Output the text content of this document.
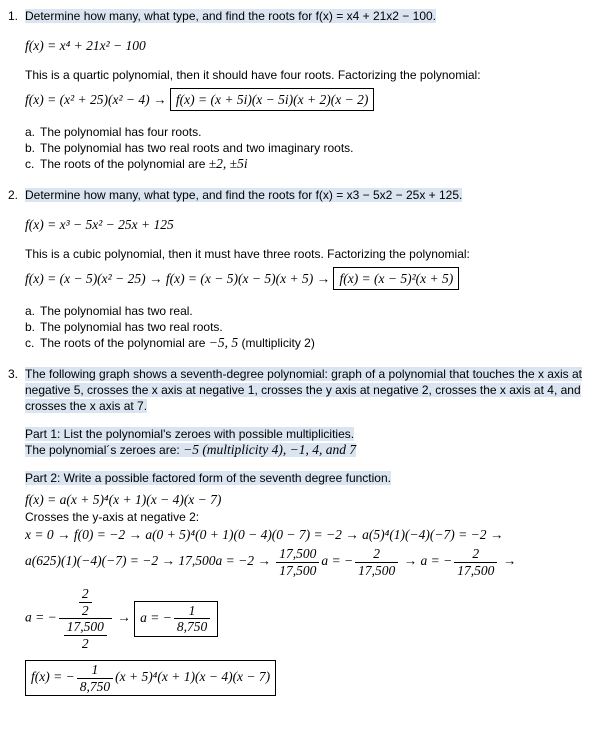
1. Determine how many, what type, and find the roots for f(x) = x4 + 21x2 − 100.
f(x) = x⁴ + 21x² − 100
This is a quartic polynomial, then it should have four roots. Factorizing the polynomial:
f(x) = (x² + 25)(x² − 4) → f(x) = (x + 5i)(x − 5i)(x + 2)(x − 2)
a. The polynomial has four roots.
b. The polynomial has two real roots and two imaginary roots.
c. The roots of the polynomial are ±2, ±5i
2. Determine how many, what type, and find the roots for f(x) = x3 − 5x2 − 25x + 125.
f(x) = x³ − 5x² − 25x + 125
This is a cubic polynomial, then it must have three roots. Factorizing the polynomial:
f(x) = (x − 5)(x² − 25) → f(x) = (x − 5)(x − 5)(x + 5) → f(x) = (x − 5)²(x + 5)
a. The polynomial has two real.
b. The polynomial has two real roots.
c. The roots of the polynomial are −5, 5 (multiplicity 2)
3. The following graph shows a seventh-degree polynomial: graph of a polynomial that touches the x axis at negative 5, crosses the x axis at negative 1, crosses the y axis at negative 2, crosses the x axis at 4, and crosses the x axis at 7.
Part 1: List the polynomial's zeroes with possible multiplicities.
The polynomial´s zeroes are: −5 (multiplicity 4), −1, 4, and 7
Part 2: Write a possible factored form of the seventh degree function.
f(x) = a(x + 5)⁴(x + 1)(x − 4)(x − 7)
Crosses the y-axis at negative 2:
x = 0 → f(0) = −2 → a(0 + 5)⁴(0 + 1)(0 − 4)(0 − 7) = −2 → a(5)⁴(1)(−4)(−7) = −2 →
$a(625)(1)(-4)(-7) = -2 \to 17,500a = -2 \to \frac{17,500}{17,500}$ a = − $\frac{2}{17,500} \to a$ = − $\frac{2}{17,500}$ →
a = − $\frac{\frac{2}{2}}{\frac{17,500}{2}} \to a$ = − $\frac{1}{8,750}$
f(x) = − $\frac{1}{8,750} (x + 5)^4(x + 1)(x - 4)(x - 7)$
